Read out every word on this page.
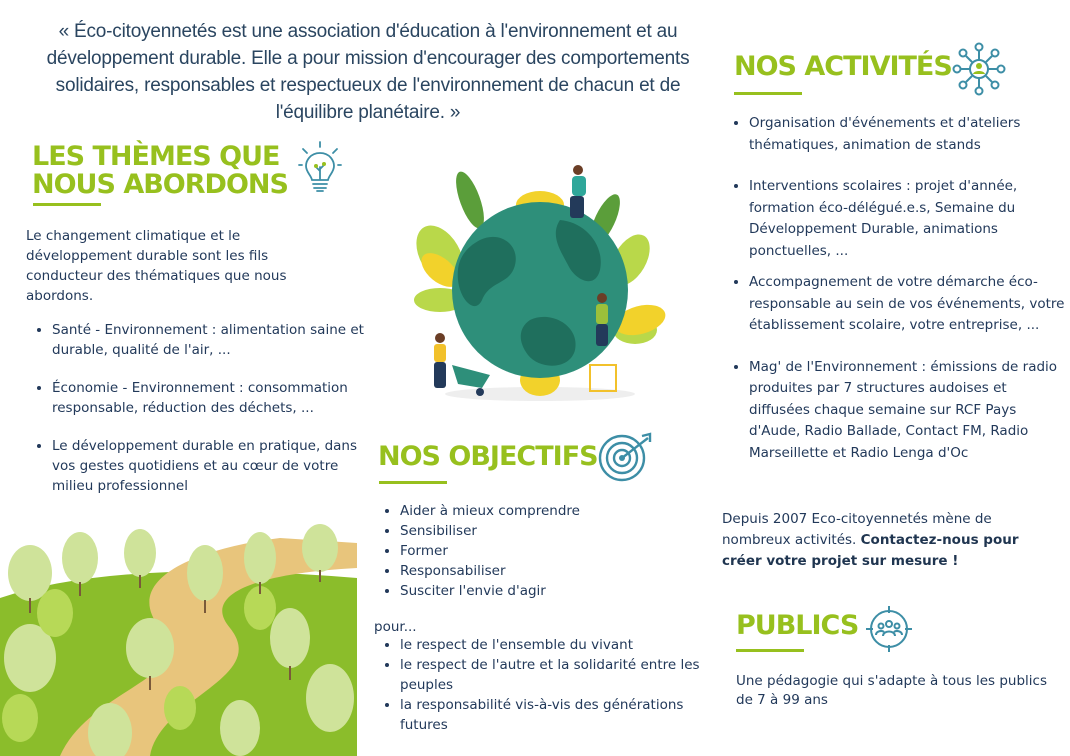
« Éco-citoyennetés est une association d'éducation à l'environnement et au développement durable. Elle a pour mission d'encourager des comportements solidaires, responsables et respectueux de l'environnement de chacun et de l'équilibre planétaire. »
LES THÈMES QUE
NOUS ABORDONS
Le changement climatique et le développement durable sont les fils conducteur des thématiques que nous abordons.
• Santé - Environnement : alimentation saine et durable, qualité de l'air, ...
• Économie - Environnement : consommation responsable, réduction des déchets, ...
• Le développement durable en pratique, dans vos gestes quotidiens et au cœur de votre milieu professionnel
NOS OBJECTIFS
• Aider à mieux comprendre
• Sensibiliser
• Former
• Responsabiliser
• Susciter l'envie d'agir
pour...
• le respect de l'ensemble du vivant
• le respect de l'autre et la solidarité entre les peuples
• la responsabilité vis-à-vis des générations futures
NOS ACTIVITÉS
• Organisation d'événements et d'ateliers thématiques, animation de stands
• Interventions scolaires : projet d'année, formation éco-délégué.e.s, Semaine du Développement Durable, animations ponctuelles, ...
• Accompagnement de votre démarche éco-responsable au sein de vos événements, votre établissement scolaire, votre entreprise, ...
• Mag' de l'Environnement : émissions de radio produites par 7 structures audoises et diffusées chaque semaine sur RCF Pays d'Aude, Radio Ballade, Contact FM, Radio Marseillette et Radio Lenga d'Oc
Depuis 2007 Eco-citoyennetés mène de nombreux activités. Contactez-nous pour créer votre projet sur mesure !
PUBLICS
Une pédagogie qui s'adapte à tous les publics de 7 à 99 ans
